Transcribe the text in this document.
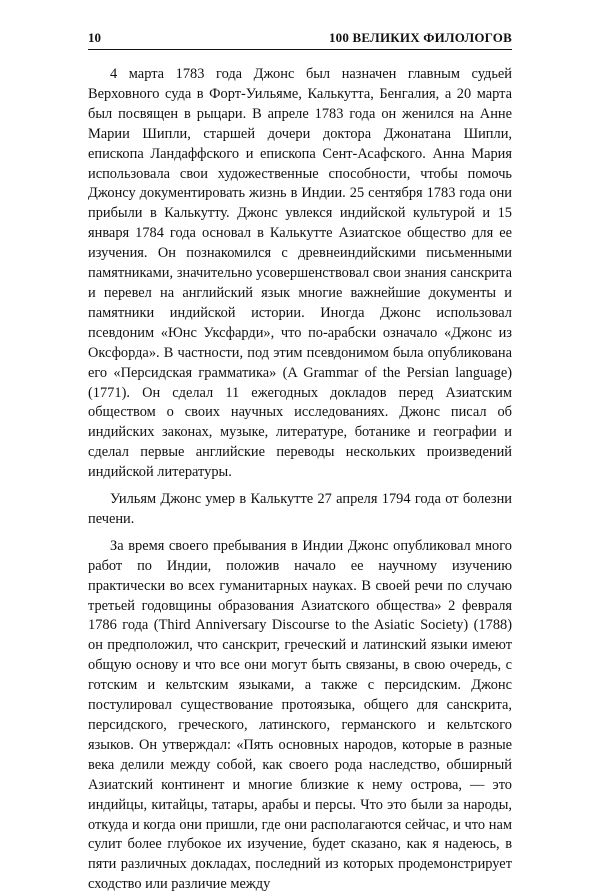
10	100 ВЕЛИКИХ ФИЛОЛОГОВ

4 марта 1783 года Джонс был назначен главным судьей Верховного суда в Форт-Уильяме, Калькутта, Бенгалия, а 20 марта был посвящен в рыцари. В апреле 1783 года он женился на Анне Марии Шипли, старшей дочери доктора Джонатана Шипли, епископа Ландаффского и епископа Сент-Асафского. Анна Мария использовала свои художественные способности, чтобы помочь Джонсу документировать жизнь в Индии. 25 сентября 1783 года они прибыли в Калькутту. Джонс увлекся индийской культурой и 15 января 1784 года основал в Калькутте Азиатское общество для ее изучения. Он познакомился с древнеиндийскими письменными памятниками, значительно усовершенствовал свои знания санскрита и перевел на английский язык многие важнейшие документы и памятники индийской истории. Иногда Джонс использовал псевдоним «Юнс Уксфарди», что по-арабски означало «Джонс из Оксфорда». В частности, под этим псевдонимом была опубликована его «Персидская грамматика» (A Grammar of the Persian language) (1771). Он сделал 11 ежегодных докладов перед Азиатским обществом о своих научных исследованиях. Джонс писал об индийских законах, музыке, литературе, ботанике и географии и сделал первые английские переводы нескольких произведений индийской литературы.

Уильям Джонс умер в Калькутте 27 апреля 1794 года от болезни печени.

За время своего пребывания в Индии Джонс опубликовал много работ по Индии, положив начало ее научному изучению практически во всех гуманитарных науках. В своей речи по случаю третьей годовщины образования Азиатского общества» 2 февраля 1786 года (Third Anniversary Discourse to the Asiatic Society) (1788) он предположил, что санскрит, греческий и латинский языки имеют общую основу и что все они могут быть связаны, в свою очередь, с готским и кельтским языками, а также с персидским. Джонс постулировал существование протоязыка, общего для санскрита, персидского, греческого, латинского, германского и кельтского языков. Он утверждал: «Пять основных народов, которые в разные века делили между собой, как своего рода наследство, обширный Азиатский континент и многие близкие к нему острова, — это индийцы, китайцы, татары, арабы и персы. Что это были за народы, откуда и когда они пришли, где они располагаются сейчас, и что нам сулит более глубокое их изучение, будет сказано, как я надеюсь, в пяти различных докладах, последний из которых продемонстрирует сходство или различие между
